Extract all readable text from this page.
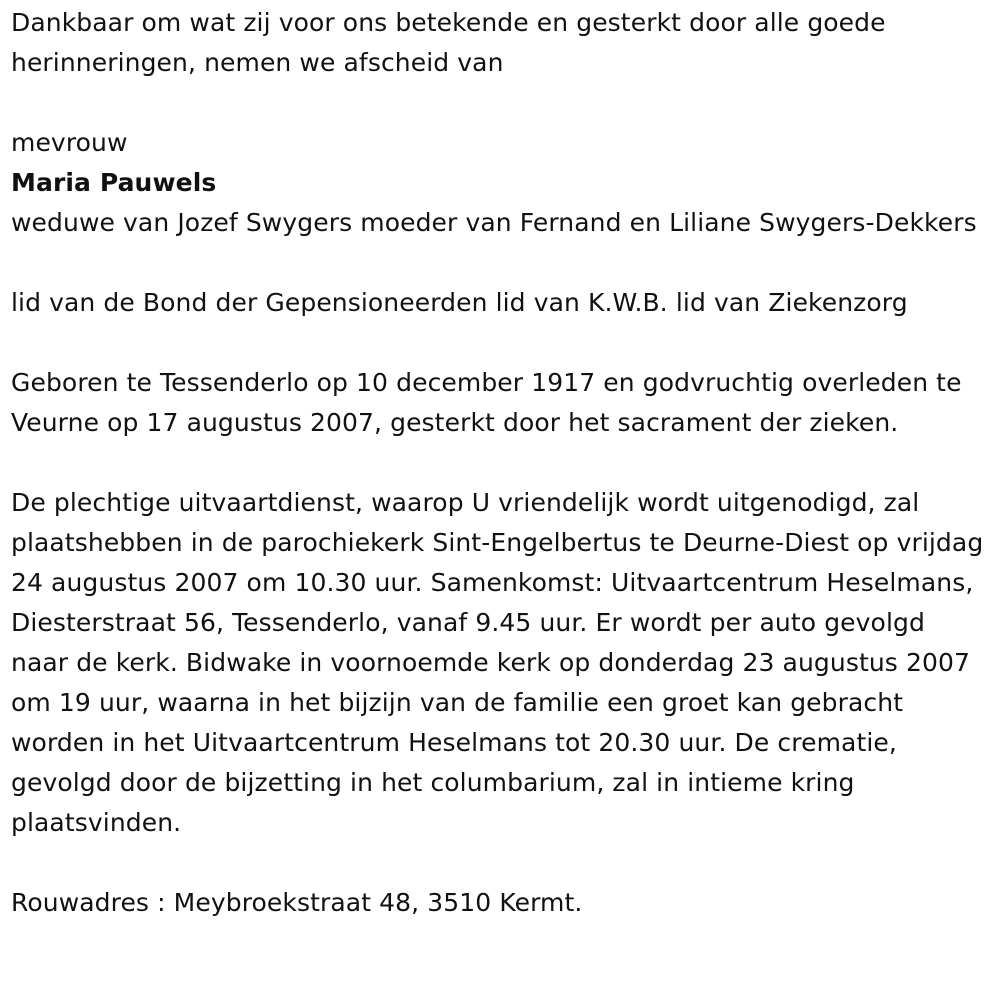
Dankbaar om wat zij voor ons betekende en gesterkt door alle goede herinneringen, nemen we afscheid van

mevrouw

Maria Pauwels

weduwe van Jozef Swygers moeder van Fernand en Liliane Swygers-Dekkers

lid van de Bond der Gepensioneerden lid van K.W.B. lid van Ziekenzorg

Geboren te Tessenderlo op 10 december 1917 en godvruchtig overleden te Veurne op 17 augustus 2007, gesterkt door het sacrament der zieken.

De plechtige uitvaartdienst, waarop U vriendelijk wordt uitgenodigd, zal plaatshebben in de parochiekerk Sint-Engelbertus te Deurne-Diest op vrijdag 24 augustus 2007 om 10.30 uur. Samenkomst: Uitvaartcentrum Heselmans, Diesterstraat 56, Tessenderlo, vanaf 9.45 uur. Er wordt per auto gevolgd naar de kerk. Bidwake in voornoemde kerk op donderdag 23 augustus 2007 om 19 uur, waarna in het bijzijn van de familie een groet kan gebracht worden in het Uitvaartcentrum Heselmans tot 20.30 uur. De crematie, gevolgd door de bijzetting in het columbarium, zal in intieme kring plaatsvinden.

Rouwadres : Meybroekstraat 48, 3510 Kermt.
